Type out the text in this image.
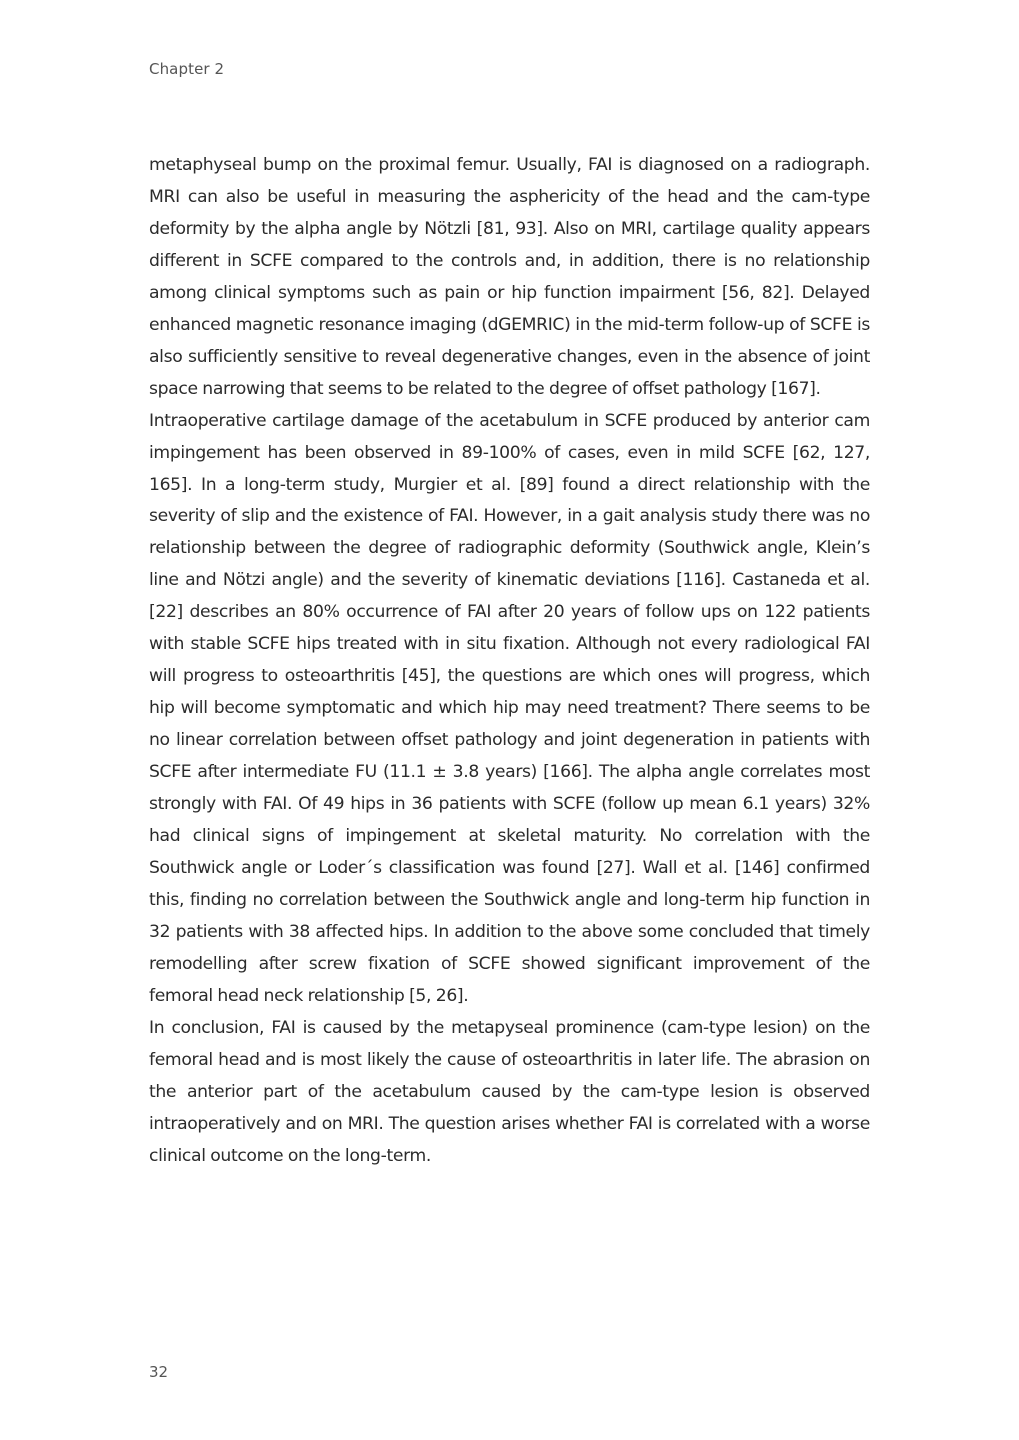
Chapter 2

metaphyseal bump on the proximal femur. Usually, FAI is diagnosed on a radiograph. MRI can also be useful in measuring the asphericity of the head and the cam-type deformity by the alpha angle by Nötzli [81, 93]. Also on MRI, cartilage quality appears different in SCFE compared to the controls and, in addition, there is no relationship among clinical symptoms such as pain or hip function impairment [56, 82]. Delayed enhanced magnetic resonance imaging (dGEMRIC) in the mid-term follow-up of SCFE is also sufficiently sensitive to reveal degenerative changes, even in the absence of joint space narrowing that seems to be related to the degree of offset pathology [167].

Intraoperative cartilage damage of the acetabulum in SCFE produced by anterior cam impingement has been observed in 89-100% of cases, even in mild SCFE [62, 127, 165]. In a long-term study, Murgier et al. [89] found a direct relationship with the severity of slip and the existence of FAI. However, in a gait analysis study there was no relationship between the degree of radiographic deformity (Southwick angle, Klein’s line and Nötzi angle) and the severity of kinematic deviations [116]. Castaneda et al. [22] describes an 80% occurrence of FAI after 20 years of follow ups on 122 patients with stable SCFE hips treated with in situ fixation. Although not every radiological FAI will progress to osteoarthritis [45], the questions are which ones will progress, which hip will become symptomatic and which hip may need treatment? There seems to be no linear correlation between offset pathology and joint degeneration in patients with SCFE after intermediate FU (11.1 ± 3.8 years) [166]. The alpha angle correlates most strongly with FAI. Of 49 hips in 36 patients with SCFE (follow up mean 6.1 years) 32% had clinical signs of impingement at skeletal maturity. No correlation with the Southwick angle or Loder´s classification was found [27]. Wall et al. [146] confirmed this, finding no correlation between the Southwick angle and long-term hip function in 32 patients with 38 affected hips. In addition to the above some concluded that timely remodelling after screw fixation of SCFE showed significant improvement of the femoral head neck relationship [5, 26].

In conclusion, FAI is caused by the metapyseal prominence (cam-type lesion) on the femoral head and is most likely the cause of osteoarthritis in later life. The abrasion on the anterior part of the acetabulum caused by the cam-type lesion is observed intraoperatively and on MRI. The question arises whether FAI is correlated with a worse clinical outcome on the long-term.

32
